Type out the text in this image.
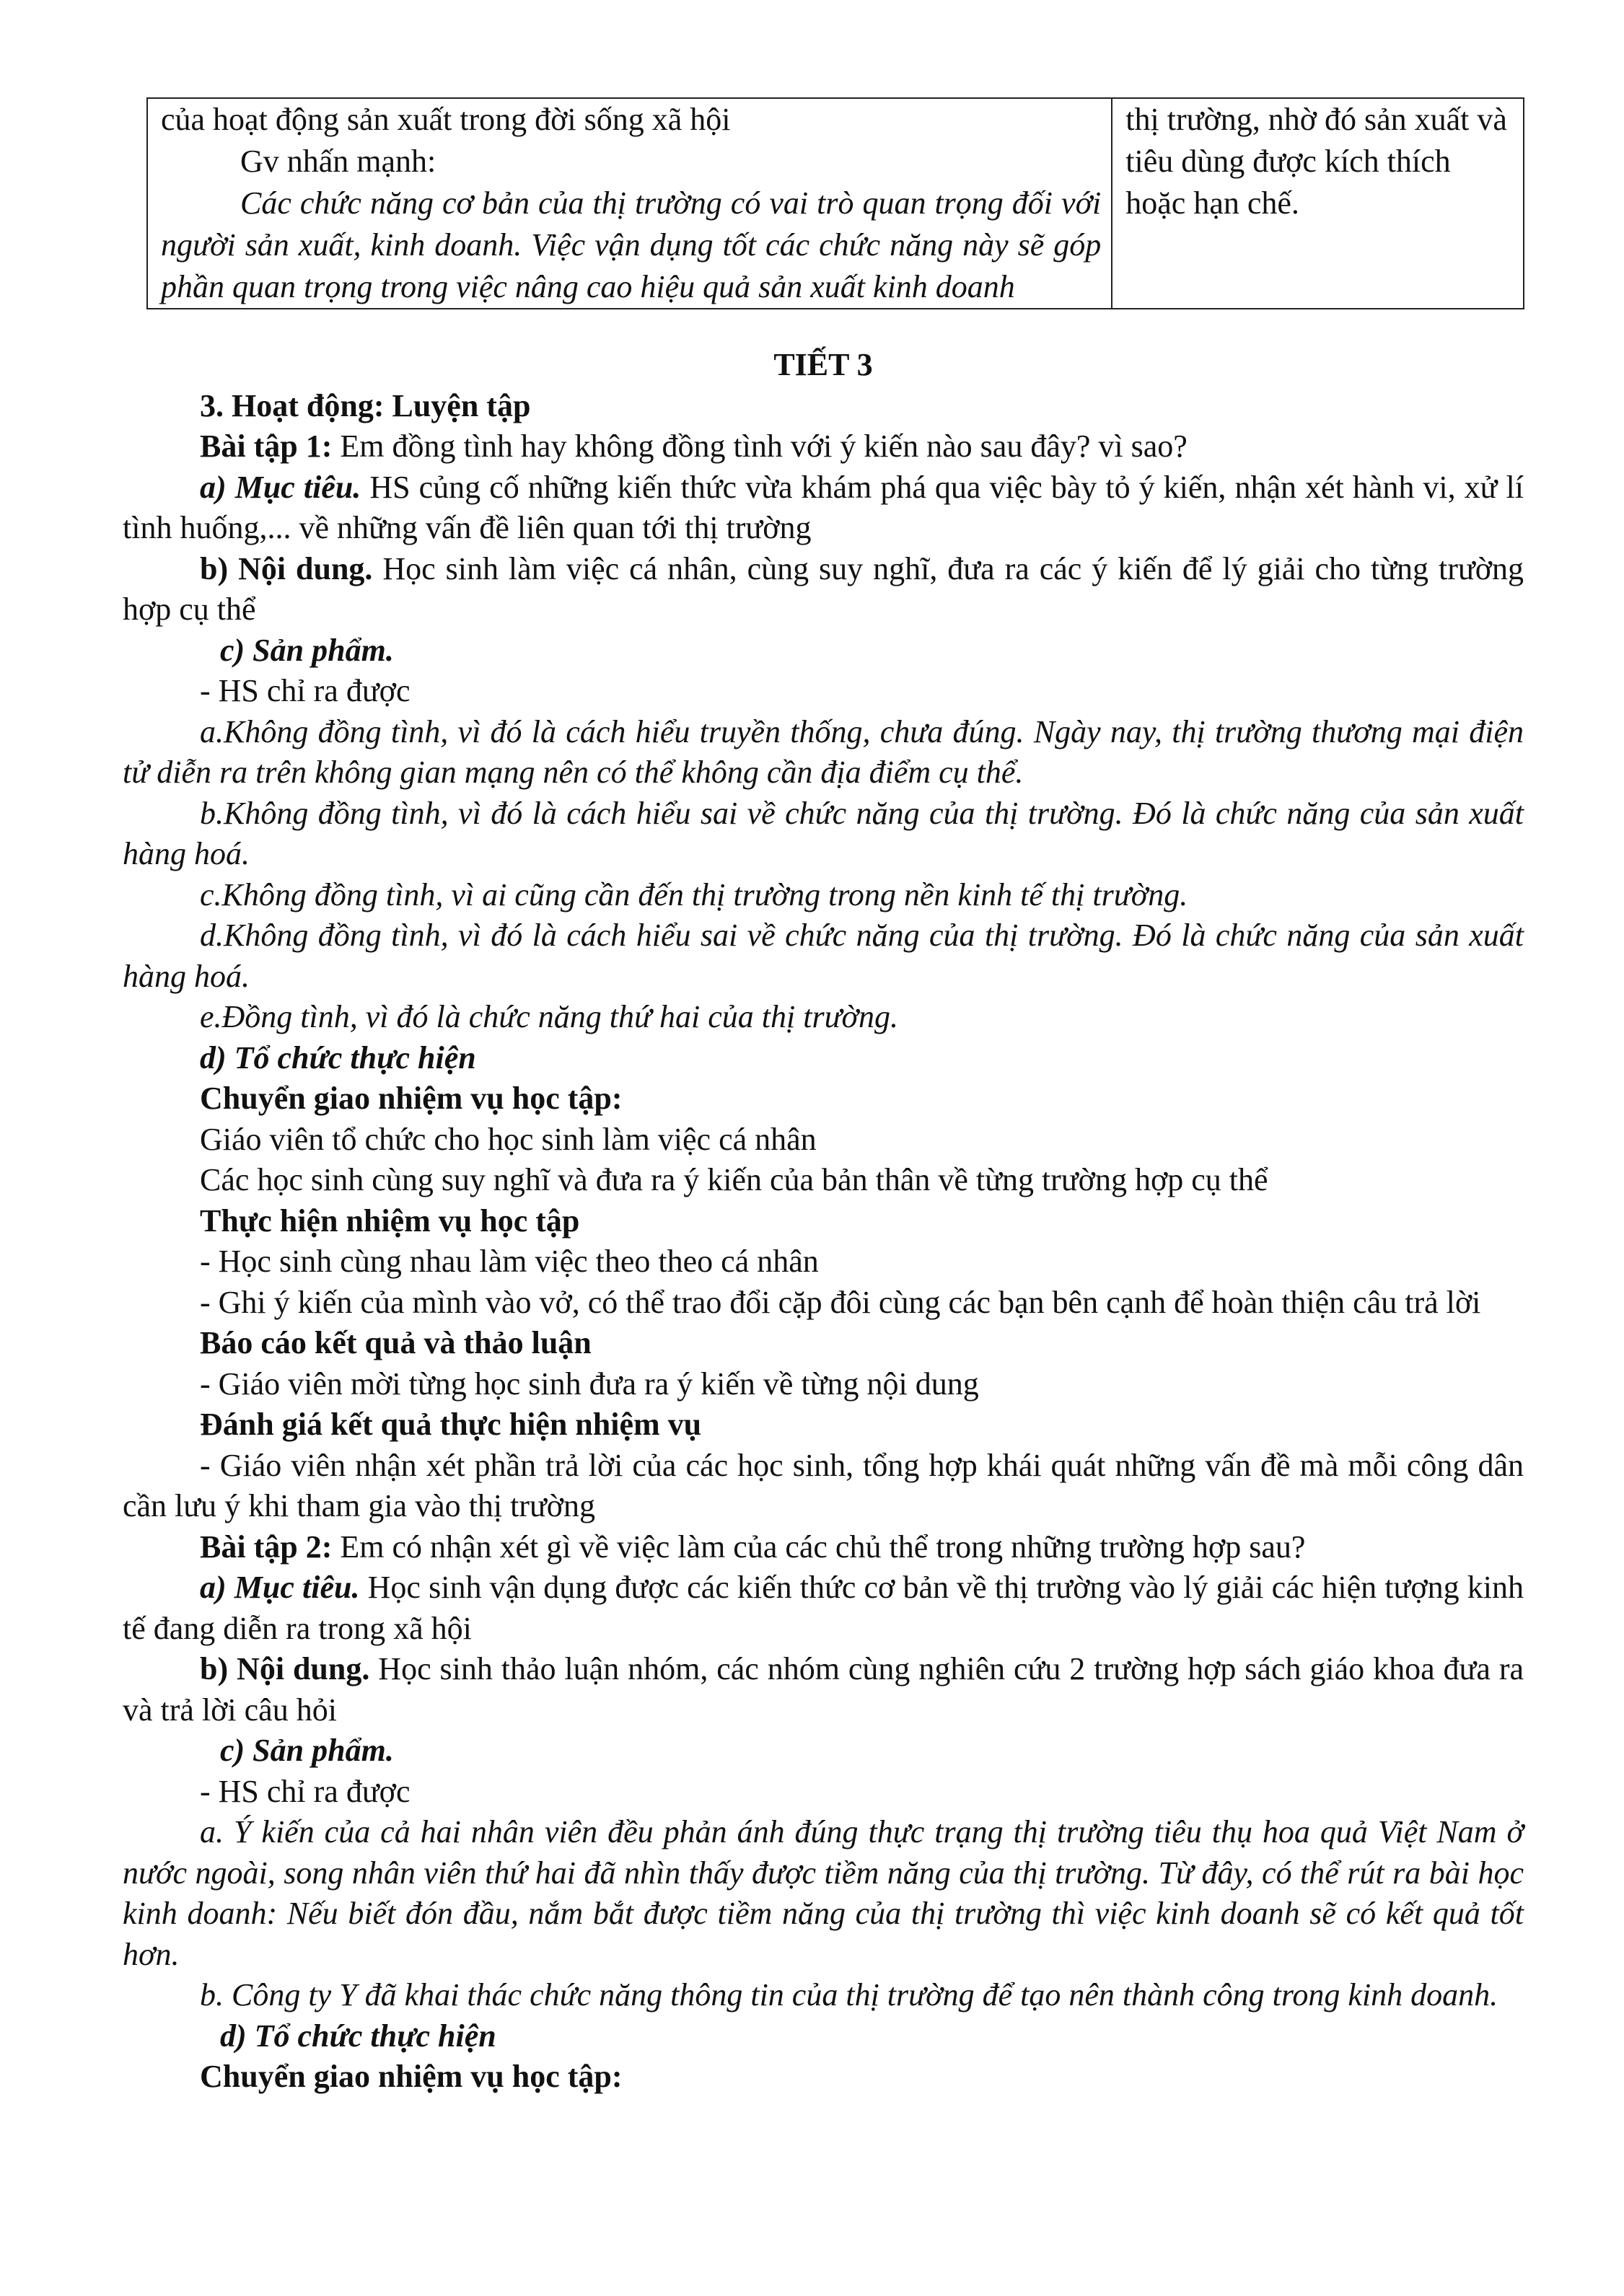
của hoạt động sản xuất trong đời sống xã hội
Gv nhấn mạnh:
Các chức năng cơ bản của thị trường có vai trò quan trọng đối với người sản xuất, kinh doanh. Việc vận dụng tốt các chức năng này sẽ góp phần quan trọng trong việc nâng cao hiệu quả sản xuất kinh doanh
	thị trường, nhờ đó sản xuất và tiêu dùng được kích thích hoặc hạn chế.

TIẾT 3

3. Hoạt động: Luyện tập

Bài tập 1: Em đồng tình hay không đồng tình với ý kiến nào sau đây? vì sao?

a) Mục tiêu. HS củng cố những kiến thức vừa khám phá qua việc bày tỏ ý kiến, nhận xét hành vi, xử lí tình huống,... về những vấn đề liên quan tới thị trường

b) Nội dung. Học sinh làm việc cá nhân, cùng suy nghĩ, đưa ra các ý kiến để lý giải cho từng trường hợp cụ thể

c) Sản phẩm.

- HS chỉ ra được

a.Không đồng tình, vì đó là cách hiểu truyền thống, chưa đúng. Ngày nay, thị trường thương mại điện tử diễn ra trên không gian mạng nên có thể không cần địa điểm cụ thể.

b.Không đồng tình, vì đó là cách hiểu sai về chức năng của thị trường. Đó là chức năng của sản xuất hàng hoá.

c.Không đồng tình, vì ai cũng cần đến thị trường trong nền kinh tế thị trường.

d.Không đồng tình, vì đó là cách hiểu sai về chức năng của thị trường. Đó là chức năng của sản xuất hàng hoá.

e.Đồng tình, vì đó là chức năng thứ hai của thị trường.

d) Tổ chức thực hiện

Chuyển giao nhiệm vụ học tập:

Giáo viên tổ chức cho học sinh làm việc cá nhân

Các học sinh cùng suy nghĩ và đưa ra ý kiến của bản thân về từng trường hợp cụ thể

Thực hiện nhiệm vụ học tập

- Học sinh cùng nhau làm việc theo theo cá nhân

- Ghi ý kiến của mình vào vở, có thể trao đổi cặp đôi cùng các bạn bên cạnh để hoàn thiện câu trả lời

Báo cáo kết quả và thảo luận

- Giáo viên mời từng học sinh đưa ra ý kiến về từng nội dung

Đánh giá kết quả thực hiện nhiệm vụ

- Giáo viên nhận xét phần trả lời của các học sinh, tổng hợp khái quát những vấn đề mà mỗi công dân cần lưu ý khi tham gia vào thị trường

Bài tập 2: Em có nhận xét gì về việc làm của các chủ thể trong những trường hợp sau?

a) Mục tiêu. Học sinh vận dụng được các kiến thức cơ bản về thị trường vào lý giải các hiện tượng kinh tế đang diễn ra trong xã hội

b) Nội dung. Học sinh thảo luận nhóm, các nhóm cùng nghiên cứu 2 trường hợp sách giáo khoa đưa ra và trả lời câu hỏi

c) Sản phẩm.

- HS chỉ ra được

a. Ý kiến của cả hai nhân viên đều phản ánh đúng thực trạng thị trường tiêu thụ hoa quả Việt Nam ở nước ngoài, song nhân viên thứ hai đã nhìn thấy được tiềm năng của thị trường. Từ đây, có thể rút ra bài học kinh doanh: Nếu biết đón đầu, nắm bắt được tiềm năng của thị trường thì việc kinh doanh sẽ có kết quả tốt hơn.

b. Công ty Y đã khai thác chức năng thông tin của thị trường để tạo nên thành công trong kinh doanh.

d) Tổ chức thực hiện

Chuyển giao nhiệm vụ học tập:
